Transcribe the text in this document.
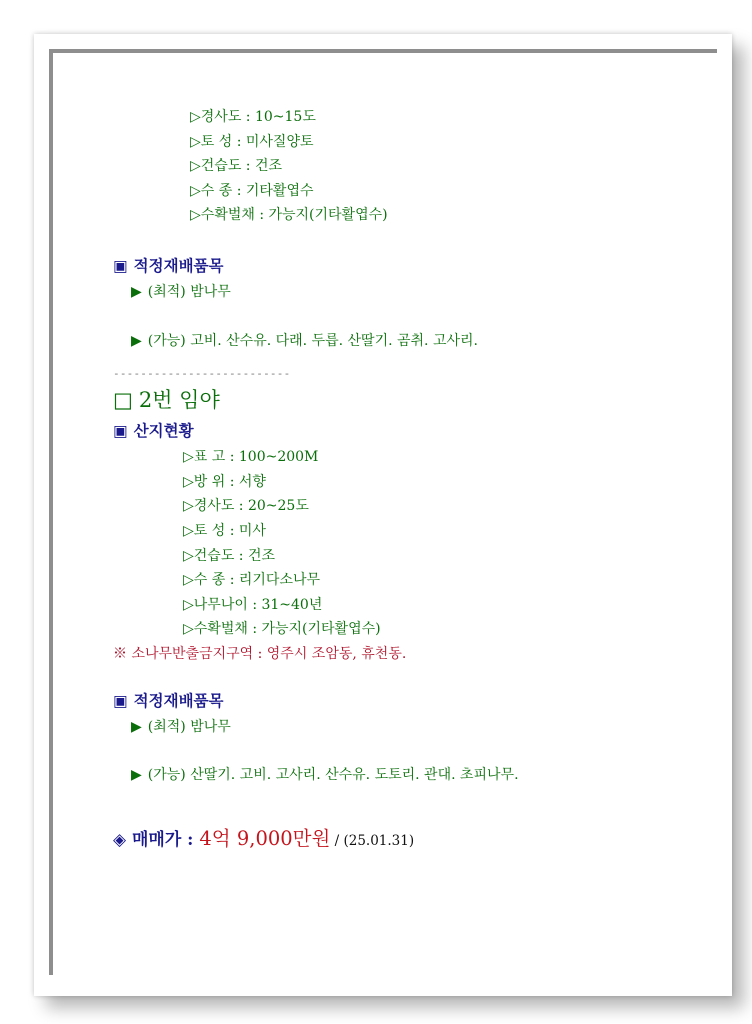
▷경사도 : 10~15도
▷토 성 : 미사질양토
▷건습도 : 건조
▷수 종 : 기타활엽수
▷수확벌채 : 가능지(기타활엽수)
▣ 적정재배품목
▶ (최적) 밤나무
▶ (가능) 고비. 산수유. 다래. 두릅. 산딸기. 곰취. 고사리.
--------------------------
□ 2번 임야
▣ 산지현황
▷표 고 : 100~200M
▷방 위 : 서향
▷경사도 : 20~25도
▷토 성 : 미사
▷건습도 : 건조
▷수 종 : 리기다소나무
▷나무나이 : 31~40년
▷수확벌채 : 가능지(기타활엽수)
※ 소나무반출금지구역 : 영주시 조암동, 휴천동.
▣ 적정재배품목
▶ (최적) 밤나무
▶ (가능) 산딸기. 고비. 고사리. 산수유. 도토리. 관대. 초피나무.
◈ 매매가 : 4억 9,000만원 / (25.01.31)
